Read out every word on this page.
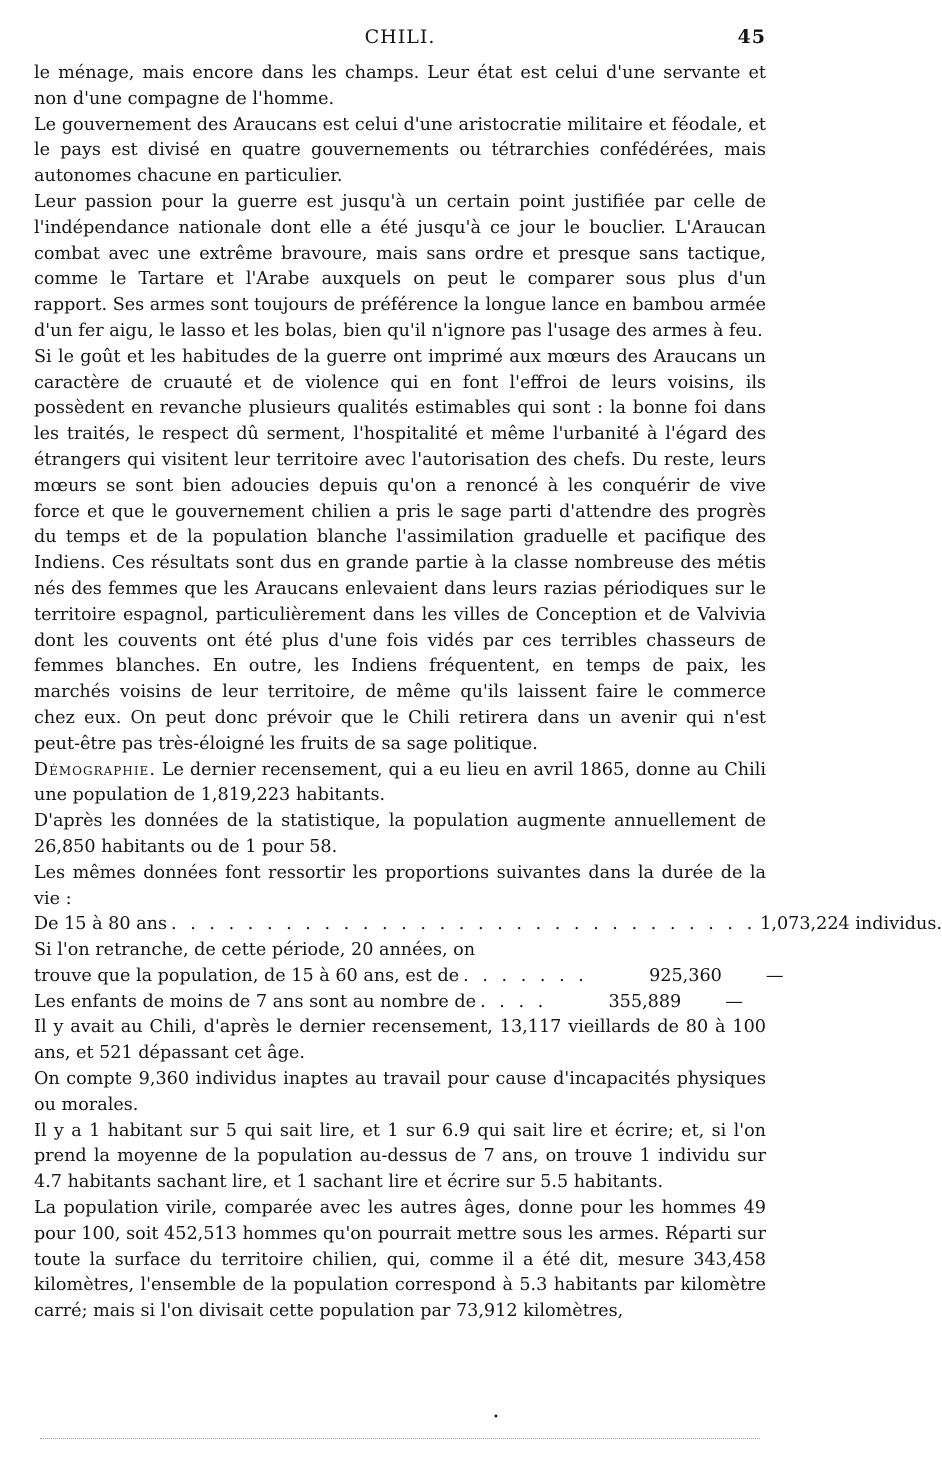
CHILI.	45

le ménage, mais encore dans les champs. Leur état est celui d'une servante et non d'une compagne de l'homme.

Le gouvernement des Araucans est celui d'une aristocratie militaire et féodale, et le pays est divisé en quatre gouvernements ou tétrarchies confédérées, mais autonomes chacune en particulier.

Leur passion pour la guerre est jusqu'à un certain point justifiée par celle de l'indépendance nationale dont elle a été jusqu'à ce jour le bouclier. L'Araucan combat avec une extrême bravoure, mais sans ordre et presque sans tactique, comme le Tartare et l'Arabe auxquels on peut le comparer sous plus d'un rapport. Ses armes sont toujours de préférence la longue lance en bambou armée d'un fer aigu, le lasso et les bolas, bien qu'il n'ignore pas l'usage des armes à feu.

Si le goût et les habitudes de la guerre ont imprimé aux mœurs des Araucans un caractère de cruauté et de violence qui en font l'effroi de leurs voisins, ils possèdent en revanche plusieurs qualités estimables qui sont : la bonne foi dans les traités, le respect dû serment, l'hospitalité et même l'urbanité à l'égard des étrangers qui visitent leur territoire avec l'autorisation des chefs. Du reste, leurs mœurs se sont bien adoucies depuis qu'on a renoncé à les conquérir de vive force et que le gouvernement chilien a pris le sage parti d'attendre des progrès du temps et de la population blanche l'assimilation graduelle et pacifique des Indiens. Ces résultats sont dus en grande partie à la classe nombreuse des métis nés des femmes que les Araucans enlevaient dans leurs razias périodiques sur le territoire espagnol, particulièrement dans les villes de Conception et de Valvivia dont les couvents ont été plus d'une fois vidés par ces terribles chasseurs de femmes blanches. En outre, les Indiens fréquentent, en temps de paix, les marchés voisins de leur territoire, de même qu'ils laissent faire le commerce chez eux. On peut donc prévoir que le Chili retirera dans un avenir qui n'est peut-être pas très-éloigné les fruits de sa sage politique.

Démographie. Le dernier recensement, qui a eu lieu en avril 1865, donne au Chili une population de 1,819,223 habitants.

D'après les données de la statistique, la population augmente annuellement de 26,850 habitants ou de 1 pour 58.

Les mêmes données font ressortir les proportions suivantes dans la durée de la vie :

De 15 à 80 ans . . . . . . . . . . . . . . . . . . . . . . . . . . . . . . . 1,073,224 individus.
Si l'on retranche, de cette période, 20 années, on
trouve que la population, de 15 à 60 ans, est de . . . . . . .	925,360	—
Les enfants de moins de 7 ans sont au nombre de . . . .	355,889	—

Il y avait au Chili, d'après le dernier recensement, 13,117 vieillards de 80 à 100 ans, et 521 dépassant cet âge.

On compte 9,360 individus inaptes au travail pour cause d'incapacités physiques ou morales.

Il y a 1 habitant sur 5 qui sait lire, et 1 sur 6.9 qui sait lire et écrire; et, si l'on prend la moyenne de la population au-dessus de 7 ans, on trouve 1 individu sur 4.7 habitants sachant lire, et 1 sachant lire et écrire sur 5.5 habitants.

La population virile, comparée avec les autres âges, donne pour les hommes 49 pour 100, soit 452,513 hommes qu'on pourrait mettre sous les armes. Réparti sur toute la surface du territoire chilien, qui, comme il a été dit, mesure 343,458 kilomètres, l'ensemble de la population correspond à 5.3 habitants par kilomètre carré; mais si l'on divisait cette population par 73,912 kilomètres,

•
